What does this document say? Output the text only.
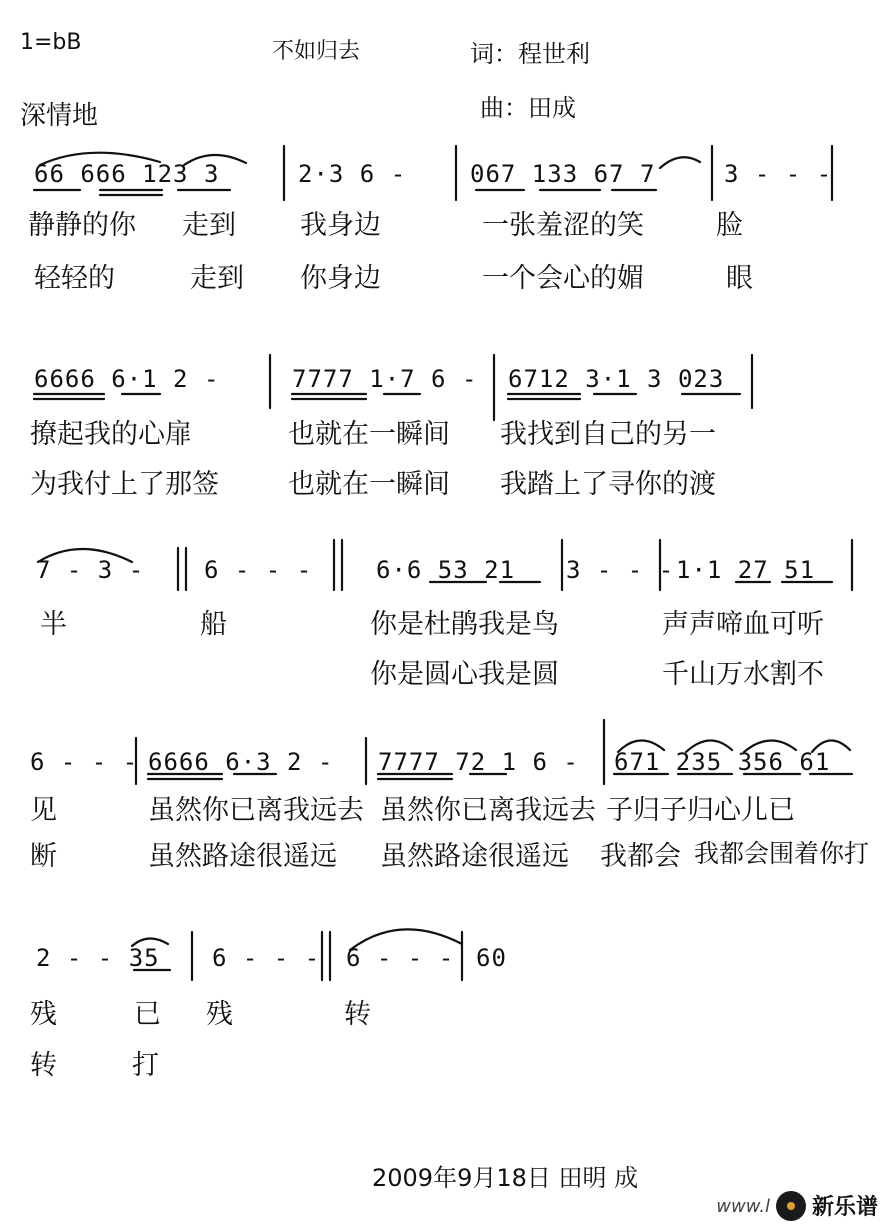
1=bB
深情地
不如归去	词：程世利
曲：田成
66 666 123 3	2·3 6 -	067 133 67 7	3 - - -
静静的你 走到 我身边	一张羞涩的笑	脸
轻轻的	走到 你身边	一个会心的媚	眼
6666 6·1 2 -	7777 1·7 6 - 6712 3·1 3 023
撩起我的心扉	也就在一瞬间 我找到自己的另一
为我付上了那签	也就在一瞬间 我踏上了寻你的渡
7 - 3 - 6 - - -	6·6 53 21 3 - - - 1·1 27 51
半	船	你是杜鹃我是鸟	声声啼血可听
你是圆心我是圆	千山万水割不
6 - - - 6666 6·3 2 - 7777 72 1 6 - 671 235 356 61
见	虽然你已离我远去 虽然你已离我远去 子归子归心儿已
断	虽然路途很遥远 虽然路途很遥远 我都会 我都会围着你打
2 - - 35 6 - - - 6 - - - 60
残	已 残	转
转	打
2009年9月18日 田明 成
www.l 新乐谱
